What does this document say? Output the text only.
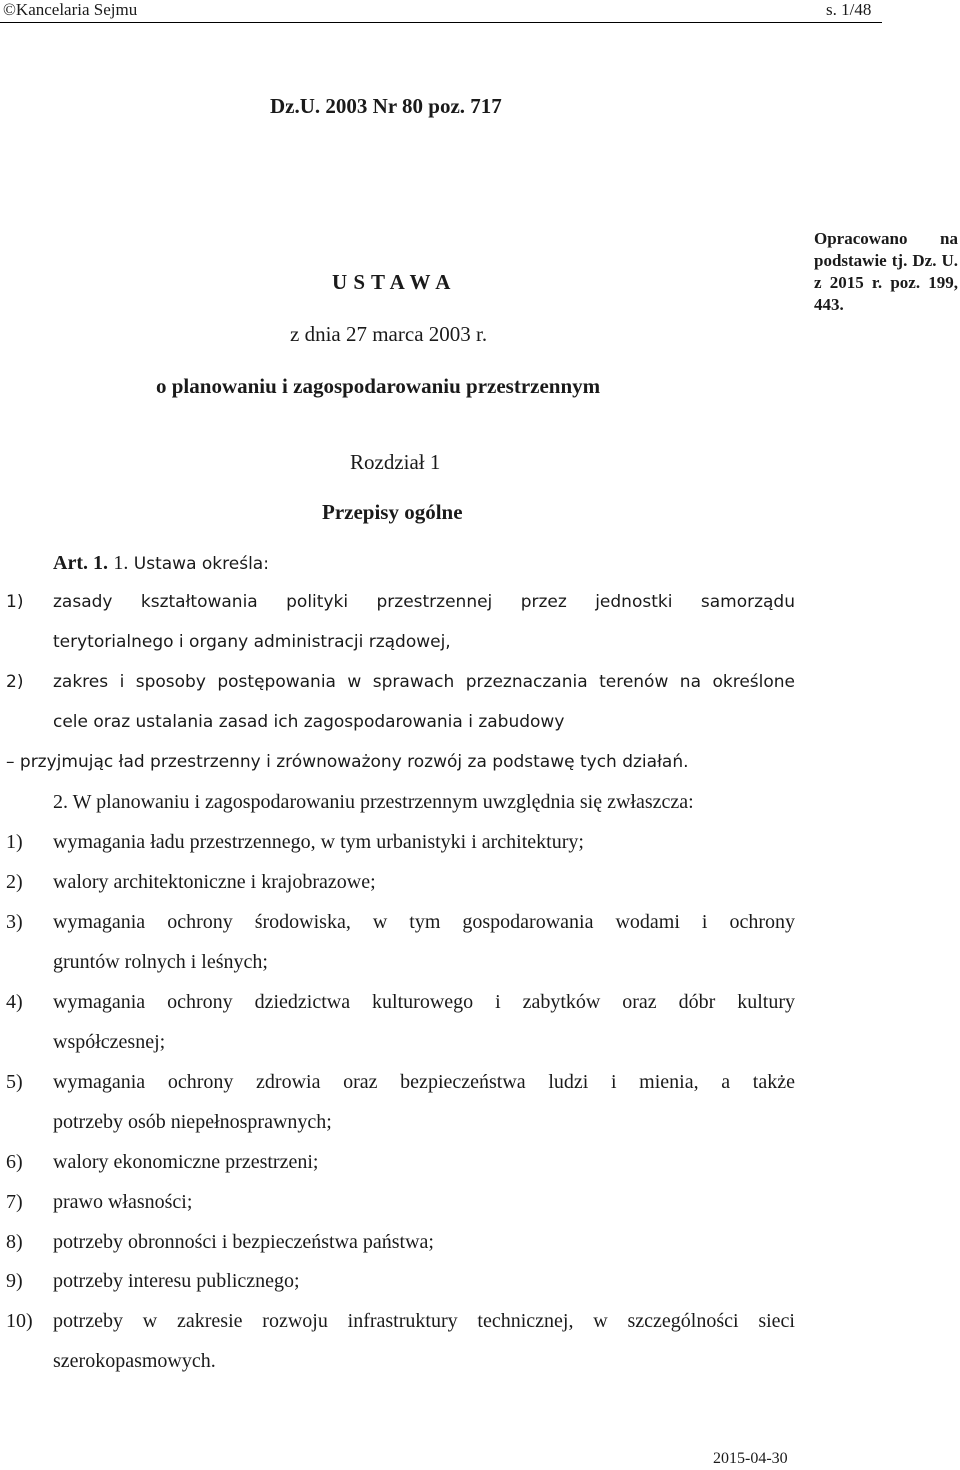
©Kancelaria Sejmu	s. 1/48
Dz.U. 2003 Nr 80 poz. 717
Opracowano na podstawie tj. Dz. U. z 2015 r. poz. 199, 443.
U S T A W A
z dnia 27 marca 2003 r.
o planowaniu i zagospodarowaniu przestrzennym
Rozdział 1
Przepisy ogólne
Art. 1. 1. Ustawa określa:
1) zasady kształtowania polityki przestrzennej przez jednostki samorządu
terytorialnego i organy administracji rządowej,
2) zakres i sposoby postępowania w sprawach przeznaczania terenów na określone
cele oraz ustalania zasad ich zagospodarowania i zabudowy
– przyjmując ład przestrzenny i zrównoważony rozwój za podstawę tych działań.
2. W planowaniu i zagospodarowaniu przestrzennym uwzględnia się zwłaszcza:
1) wymagania ładu przestrzennego, w tym urbanistyki i architektury;
2) walory architektoniczne i krajobrazowe;
3) wymagania ochrony środowiska, w tym gospodarowania wodami i ochrony
gruntów rolnych i leśnych;
4) wymagania ochrony dziedzictwa kulturowego i zabytków oraz dóbr kultury
współczesnej;
5) wymagania ochrony zdrowia oraz bezpieczeństwa ludzi i mienia, a także
potrzeby osób niepełnosprawnych;
6) walory ekonomiczne przestrzeni;
7) prawo własności;
8) potrzeby obronności i bezpieczeństwa państwa;
9) potrzeby interesu publicznego;
10) potrzeby w zakresie rozwoju infrastruktury technicznej, w szczególności sieci
szerokopasmowych.
2015-04-30
